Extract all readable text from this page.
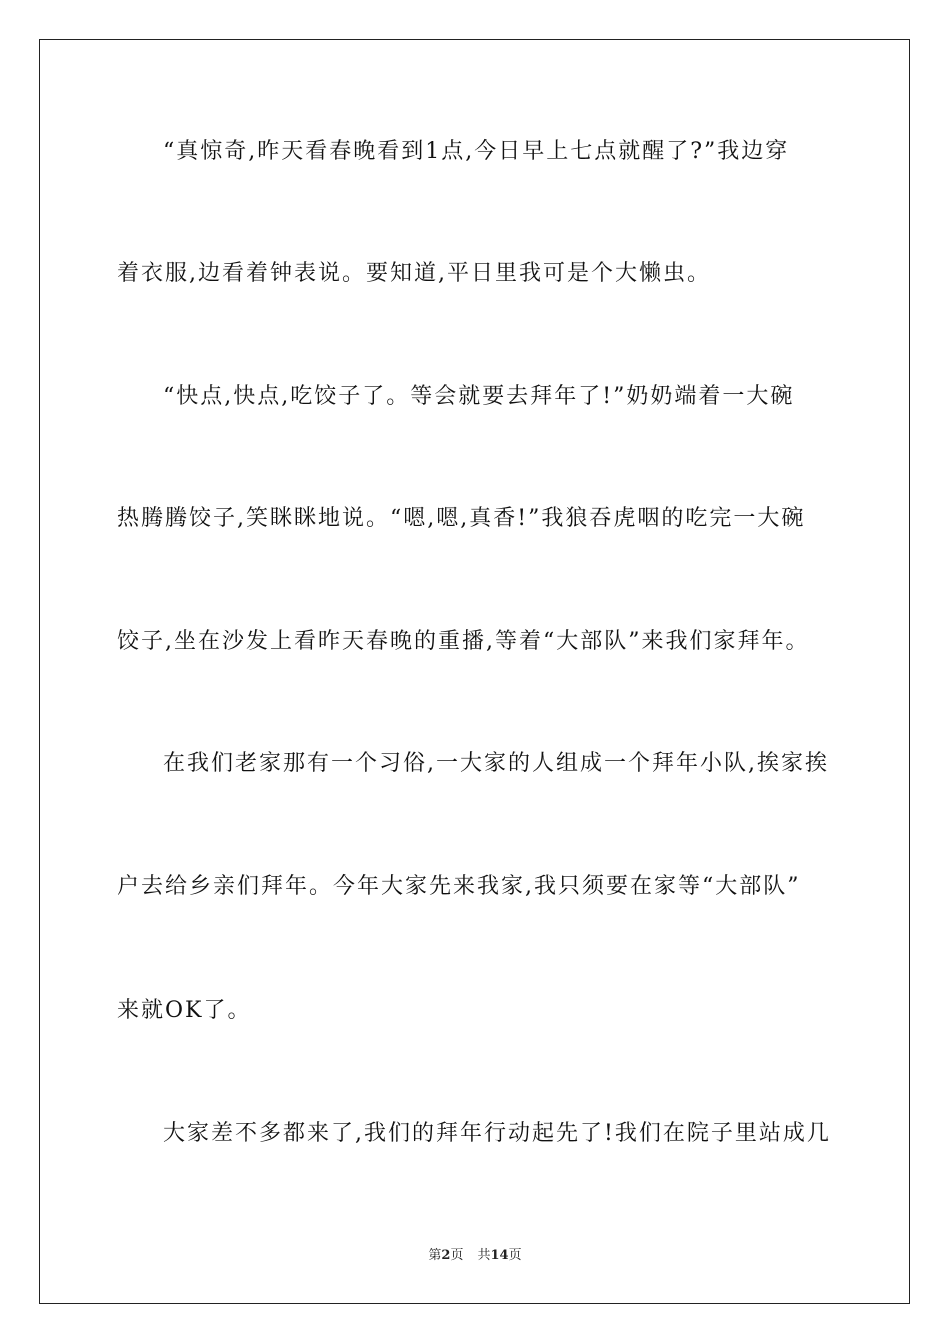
“真惊奇,昨天看春晚看到1点,今日早上七点就醒了?”我边穿
着衣服,边看着钟表说。要知道,平日里我可是个大懒虫。
“快点,快点,吃饺子了。等会就要去拜年了!”奶奶端着一大碗
热腾腾饺子,笑眯眯地说。“嗯,嗯,真香!”我狼吞虎咽的吃完一大碗
饺子,坐在沙发上看昨天春晚的重播,等着“大部队”来我们家拜年。
在我们老家那有一个习俗,一大家的人组成一个拜年小队,挨家挨
户去给乡亲们拜年。今年大家先来我家,我只须要在家等“大部队”
来就OK了。
大家差不多都来了,我们的拜年行动起先了!我们在院子里站成几
第2页 共14页
